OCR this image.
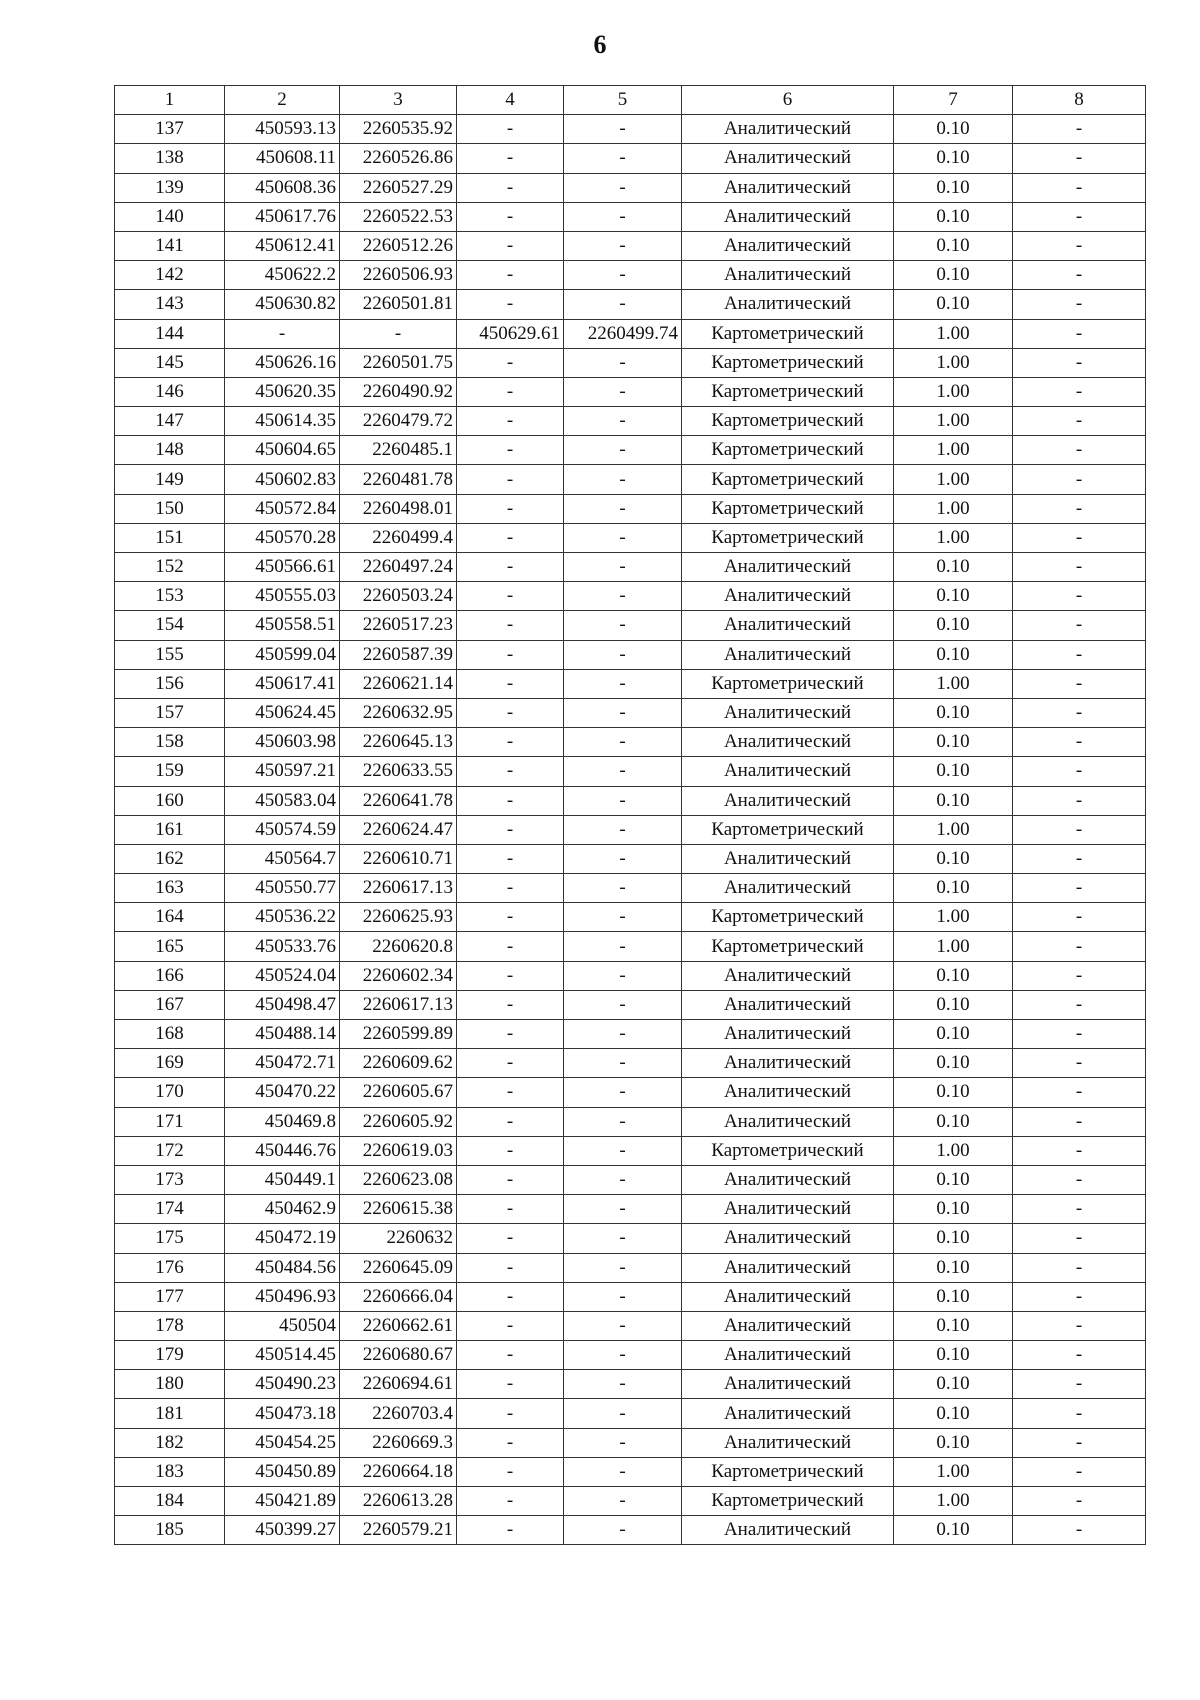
6
1	2	3	4	5	6	7	8
137	450593.13	2260535.92	-	-	Аналитический	0.10	-
138	450608.11	2260526.86	-	-	Аналитический	0.10	-
139	450608.36	2260527.29	-	-	Аналитический	0.10	-
140	450617.76	2260522.53	-	-	Аналитический	0.10	-
141	450612.41	2260512.26	-	-	Аналитический	0.10	-
142	450622.2	2260506.93	-	-	Аналитический	0.10	-
143	450630.82	2260501.81	-	-	Аналитический	0.10	-
144	-	-	450629.61	2260499.74	Картометрический	1.00	-
145	450626.16	2260501.75	-	-	Картометрический	1.00	-
146	450620.35	2260490.92	-	-	Картометрический	1.00	-
147	450614.35	2260479.72	-	-	Картометрический	1.00	-
148	450604.65	2260485.1	-	-	Картометрический	1.00	-
149	450602.83	2260481.78	-	-	Картометрический	1.00	-
150	450572.84	2260498.01	-	-	Картометрический	1.00	-
151	450570.28	2260499.4	-	-	Картометрический	1.00	-
152	450566.61	2260497.24	-	-	Аналитический	0.10	-
153	450555.03	2260503.24	-	-	Аналитический	0.10	-
154	450558.51	2260517.23	-	-	Аналитический	0.10	-
155	450599.04	2260587.39	-	-	Аналитический	0.10	-
156	450617.41	2260621.14	-	-	Картометрический	1.00	-
157	450624.45	2260632.95	-	-	Аналитический	0.10	-
158	450603.98	2260645.13	-	-	Аналитический	0.10	-
159	450597.21	2260633.55	-	-	Аналитический	0.10	-
160	450583.04	2260641.78	-	-	Аналитический	0.10	-
161	450574.59	2260624.47	-	-	Картометрический	1.00	-
162	450564.7	2260610.71	-	-	Аналитический	0.10	-
163	450550.77	2260617.13	-	-	Аналитический	0.10	-
164	450536.22	2260625.93	-	-	Картометрический	1.00	-
165	450533.76	2260620.8	-	-	Картометрический	1.00	-
166	450524.04	2260602.34	-	-	Аналитический	0.10	-
167	450498.47	2260617.13	-	-	Аналитический	0.10	-
168	450488.14	2260599.89	-	-	Аналитический	0.10	-
169	450472.71	2260609.62	-	-	Аналитический	0.10	-
170	450470.22	2260605.67	-	-	Аналитический	0.10	-
171	450469.8	2260605.92	-	-	Аналитический	0.10	-
172	450446.76	2260619.03	-	-	Картометрический	1.00	-
173	450449.1	2260623.08	-	-	Аналитический	0.10	-
174	450462.9	2260615.38	-	-	Аналитический	0.10	-
175	450472.19	2260632	-	-	Аналитический	0.10	-
176	450484.56	2260645.09	-	-	Аналитический	0.10	-
177	450496.93	2260666.04	-	-	Аналитический	0.10	-
178	450504	2260662.61	-	-	Аналитический	0.10	-
179	450514.45	2260680.67	-	-	Аналитический	0.10	-
180	450490.23	2260694.61	-	-	Аналитический	0.10	-
181	450473.18	2260703.4	-	-	Аналитический	0.10	-
182	450454.25	2260669.3	-	-	Аналитический	0.10	-
183	450450.89	2260664.18	-	-	Картометрический	1.00	-
184	450421.89	2260613.28	-	-	Картометрический	1.00	-
185	450399.27	2260579.21	-	-	Аналитический	0.10	-
